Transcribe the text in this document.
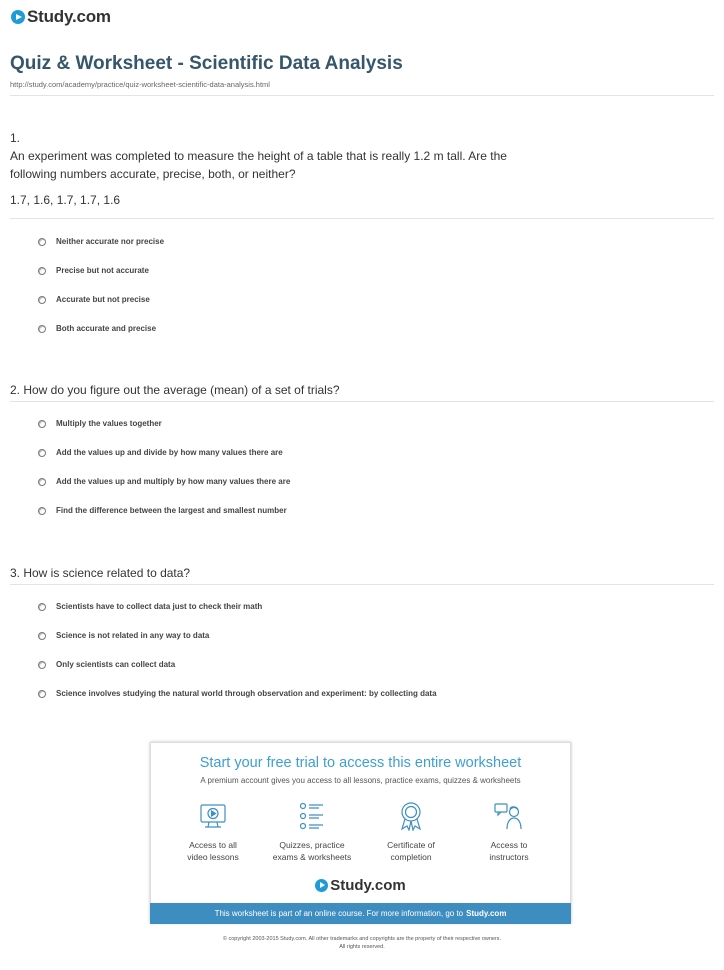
Study.com
Quiz & Worksheet - Scientific Data Analysis
http://study.com/academy/practice/quiz-worksheet-scientific-data-analysis.html
1.
An experiment was completed to measure the height of a table that is really 1.2 m tall. Are the
following numbers accurate, precise, both, or neither?
1.7, 1.6, 1.7, 1.7, 1.6
Neither accurate nor precise
Precise but not accurate
Accurate but not precise
Both accurate and precise
2. How do you figure out the average (mean) of a set of trials?
Multiply the values together
Add the values up and divide by how many values there are
Add the values up and multiply by how many values there are
Find the difference between the largest and smallest number
3. How is science related to data?
Scientists have to collect data just to check their math
Science is not related in any way to data
Only scientists can collect data
Science involves studying the natural world through observation and experiment: by collecting data
Start your free trial to access this entire worksheet
A premium account gives you access to all lessons, practice exams, quizzes & worksheets
Access to all
video lessons
Quizzes, practice
exams & worksheets
Certificate of
completion
Access to
instructors
Study.com
This worksheet is part of an online course. For more information, go to Study.com
© copyright 2003-2015 Study.com. All other trademarks and copyrights are the property of their respective owners.
All rights reserved.
